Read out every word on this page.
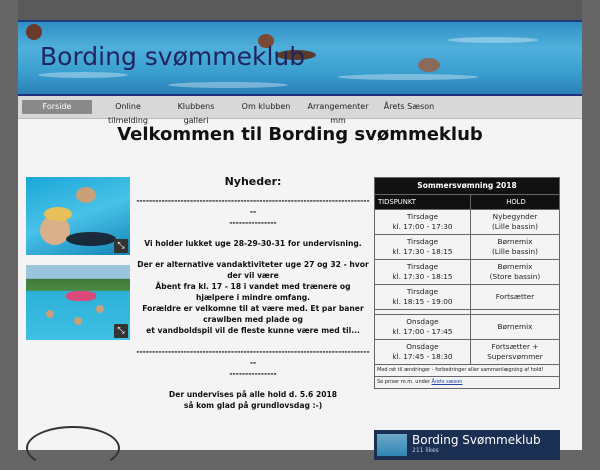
Bording svømmeklub
Forside	Online tilmelding
Klubbens galleri
Om klubben	Arrangementer mm
Årets Sæson
Velkommen til Bording svømmeklub
⤡
⤡
Nyheder:

----------------------------------------------------------------------------

---------------

Vi holder lukket uge 28-29-30-31 for undervisning.

Der er alternative vandaktiviteter uge 27 og 32 - hvor der vil være

Åbent fra kl. 17 - 18 i vandet med trænere og hjælpere i mindre omfang.

Forældre er velkomne til at være med. Et par baner crawlben med plade og

et vandboldspil vil de fleste kunne være med til...

----------------------------------------------------------------------------

---------------

Der undervises på alle hold d. 5.6 2018

så kom glad på grundlovsdag :-)

Sommersvømning 2018	
TIDSPUNKT	HOLD
Tirsdage
kl. 17:00 - 17:30	Nybegynder
(Lille bassin)
Tirsdage
kl. 17:30 - 18:15	Børnemix
(Lille bassin)
Tirsdage
kl. 17:30 - 18:15	Børnemix
(Store bassin)
Tirsdage
kl. 18:15 - 19:00	Fortsætter

Onsdage
kl. 17:00 - 17:45	Børnemix
Onsdage
kl. 17:45 - 18:30	Fortsætter +
Supersvømmer
Med ret til ændringer - forbedringer eller sammenlægning af hold!	
Se priser m.m. under Årets sæson	
Bording Svømmeklub
211 likes
